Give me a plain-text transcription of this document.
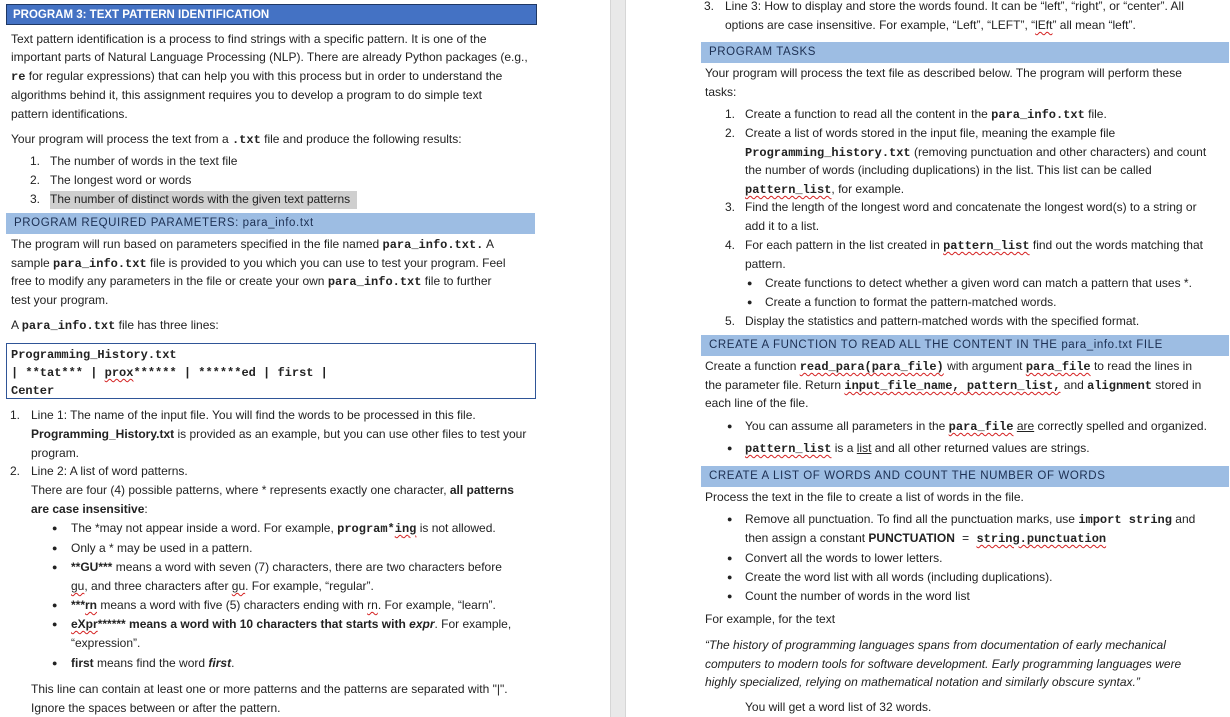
PROGRAM 3: TEXT PATTERN IDENTIFICATION
Text pattern identification is a process to find strings with a specific pattern. It is one of the
important parts of Natural Language Processing (NLP). There are already Python packages (e.g.,
re for regular expressions) that can help you with this process but in order to understand the
algorithms behind it, this assignment requires you to develop a program to do simple text
pattern identifications.
Your program will process the text from a .txt file and produce the following results:
1. The number of words in the text file
2. The longest word or words
3. The number of distinct words with the given text patterns
PROGRAM REQUIRED PARAMETERS: para_info.txt
The program will run based on parameters specified in the file named para_info.txt. A
sample para_info.txt file is provided to you which you can use to test your program. Feel
free to modify any parameters in the file or create your own para_info.txt file to further
test your program.
A para_info.txt file has three lines:
Programming_History.txt
| **tat*** | prox****** | ******ed | first |
Center
1. Line 1: The name of the input file. You will find the words to be processed in this file.
Programming_History.txt is provided as an example, but you can use other files to test your
program.
2. Line 2: A list of word patterns.
There are four (4) possible patterns, where * represents exactly one character, all patterns
are case insensitive:
● The *may not appear inside a word. For example, program*ing is not allowed.
● Only a * may be used in a pattern.
● **GU*** means a word with seven (7) characters, there are two characters before
gu, and three characters after gu. For example, “regular”.
● ***rn means a word with five (5) characters ending with rn. For example, “learn”.
● eXpr****** means a word with 10 characters that starts with expr. For example,
“expression”.
● first means find the word first.
This line can contain at least one or more patterns and the patterns are separated with "|".
Ignore the spaces between or after the pattern.
3. Line 3: How to display and store the words found. It can be “left”, “right”, or “center”. All
options are case insensitive. For example, “Left”, “LEFT”, “lEft” all mean “left”.
PROGRAM TASKS
Your program will process the text file as described below. The program will perform these
tasks:
1. Create a function to read all the content in the para_info.txt file.
2. Create a list of words stored in the input file, meaning the example file
Programming_history.txt (removing punctuation and other characters) and count
the number of words (including duplications) in the list. This list can be called
pattern_list, for example.
3. Find the length of the longest word and concatenate the longest word(s) to a string or
add it to a list.
4. For each pattern in the list created in pattern_list find out the words matching that
pattern.
● Create functions to detect whether a given word can match a pattern that uses *.
● Create a function to format the pattern-matched words.
5. Display the statistics and pattern-matched words with the specified format.
CREATE A FUNCTION TO READ ALL THE CONTENT IN THE para_info.txt FILE
Create a function read_para(para_file) with argument para_file to read the lines in
the parameter file. Return input_file_name, pattern_list, and alignment stored in
each line of the file.
● You can assume all parameters in the para_file are correctly spelled and organized.
● pattern_list is a list and all other returned values are strings.
CREATE A LIST OF WORDS AND COUNT THE NUMBER OF WORDS
Process the text in the file to create a list of words in the file.
● Remove all punctuation. To find all the punctuation marks, use import string and
then assign a constant PUNCTUATION = string.punctuation
● Convert all the words to lower letters.
● Create the word list with all words (including duplications).
● Count the number of words in the word list
For example, for the text
“The history of programming languages spans from documentation of early mechanical
computers to modern tools for software development. Early programming languages were
highly specialized, relying on mathematical notation and similarly obscure syntax.”
You will get a word list of 32 words.
